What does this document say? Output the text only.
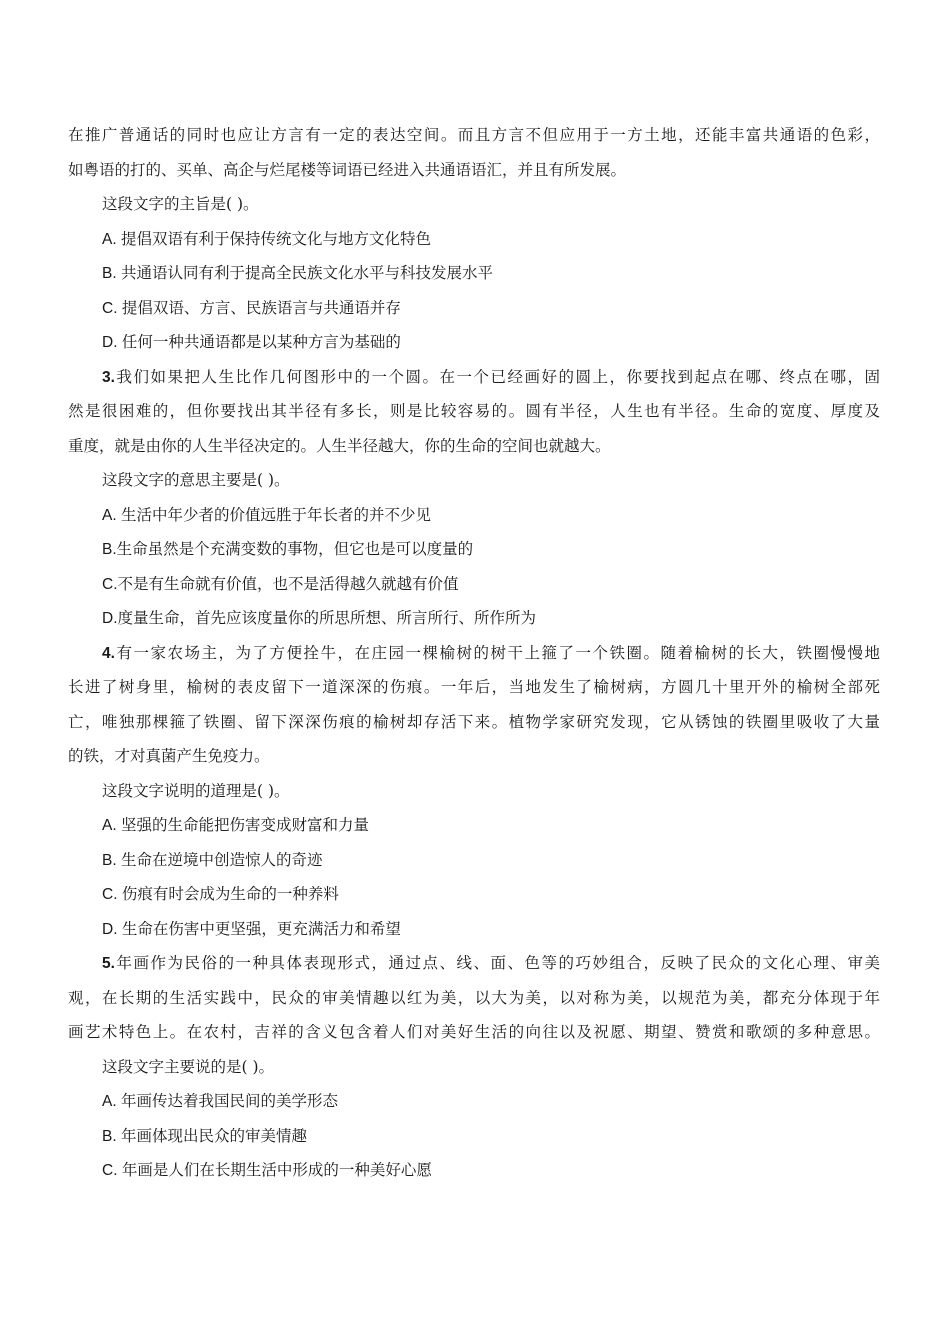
在推广普通话的同时也应让方言有一定的表达空间。而且方言不但应用于一方土地，还能丰富共通语的色彩，
如粤语的打的、买单、高企与烂尾楼等词语已经进入共通语语汇，并且有所发展。
这段文字的主旨是( )。
A. 提倡双语有利于保持传统文化与地方文化特色
B. 共通语认同有利于提高全民族文化水平与科技发展水平
C. 提倡双语、方言、民族语言与共通语并存
D. 任何一种共通语都是以某种方言为基础的
3.我们如果把人生比作几何图形中的一个圆。在一个已经画好的圆上，你要找到起点在哪、终点在哪，固
然是很困难的，但你要找出其半径有多长，则是比较容易的。圆有半径，人生也有半径。生命的宽度、厚度及
重度，就是由你的人生半径决定的。人生半径越大，你的生命的空间也就越大。
这段文字的意思主要是( )。
A. 生活中年少者的价值远胜于年长者的并不少见
B.生命虽然是个充满变数的事物，但它也是可以度量的
C.不是有生命就有价值，也不是活得越久就越有价值
D.度量生命，首先应该度量你的所思所想、所言所行、所作所为
4.有一家农场主，为了方便拴牛，在庄园一棵榆树的树干上箍了一个铁圈。随着榆树的长大，铁圈慢慢地
长进了树身里，榆树的表皮留下一道深深的伤痕。一年后，当地发生了榆树病，方圆几十里开外的榆树全部死
亡，唯独那棵箍了铁圈、留下深深伤痕的榆树却存活下来。植物学家研究发现，它从锈蚀的铁圈里吸收了大量
的铁，才对真菌产生免疫力。
这段文字说明的道理是( )。
A. 坚强的生命能把伤害变成财富和力量
B. 生命在逆境中创造惊人的奇迹
C. 伤痕有时会成为生命的一种养料
D. 生命在伤害中更坚强，更充满活力和希望
5.年画作为民俗的一种具体表现形式，通过点、线、面、色等的巧妙组合，反映了民众的文化心理、审美
观，在长期的生活实践中，民众的审美情趣以红为美，以大为美，以对称为美，以规范为美，都充分体现于年
画艺术特色上。在农村，吉祥的含义包含着人们对美好生活的向往以及祝愿、期望、赞赏和歌颂的多种意思。
这段文字主要说的是( )。
A. 年画传达着我国民间的美学形态
B. 年画体现出民众的审美情趣
C. 年画是人们在长期生活中形成的一种美好心愿
